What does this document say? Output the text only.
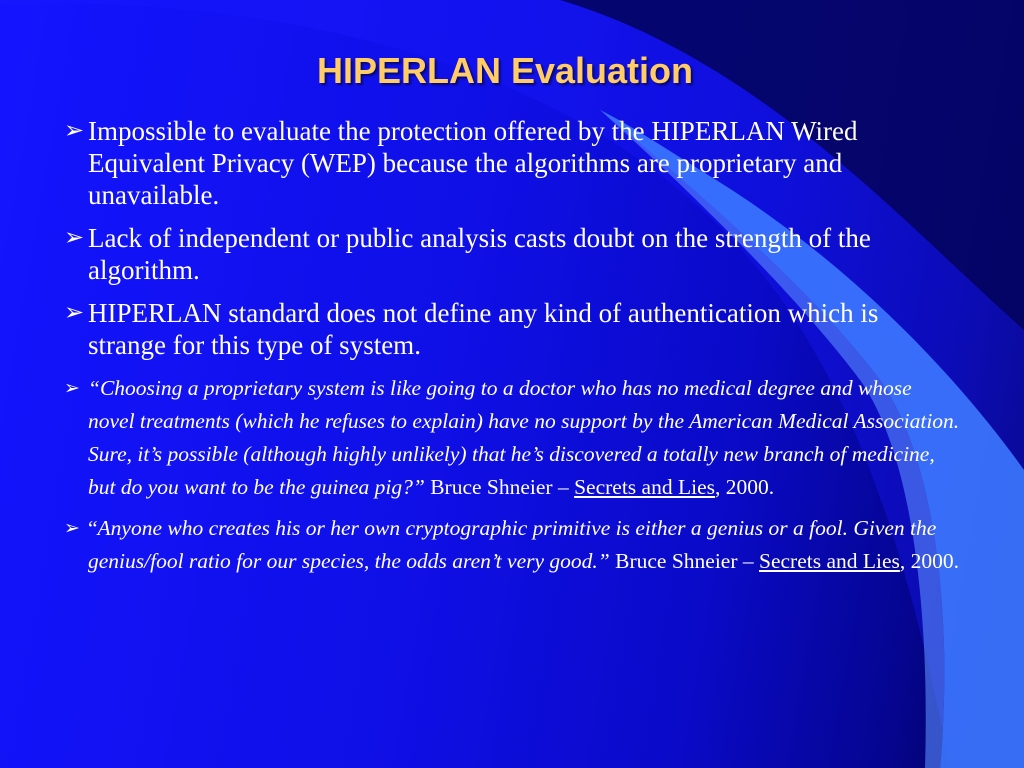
HIPERLAN Evaluation

➢ Impossible to evaluate the protection offered by the HIPERLAN Wired Equivalent Privacy (WEP) because the algorithms are proprietary and unavailable.

➢ Lack of independent or public analysis casts doubt on the strength of the algorithm.

➢ HIPERLAN standard does not define any kind of authentication which is strange for this type of system.

➢ “Choosing a proprietary system is like going to a doctor who has no medical degree and whose novel treatments (which he refuses to explain) have no support by the American Medical Association. Sure, it’s possible (although highly unlikely) that he’s discovered a totally new branch of medicine, but do you want to be the guinea pig?” Bruce Shneier – Secrets and Lies, 2000.

➢ “Anyone who creates his or her own cryptographic primitive is either a genius or a fool. Given the genius/fool ratio for our species, the odds aren’t very good.” Bruce Shneier – Secrets and Lies, 2000.
